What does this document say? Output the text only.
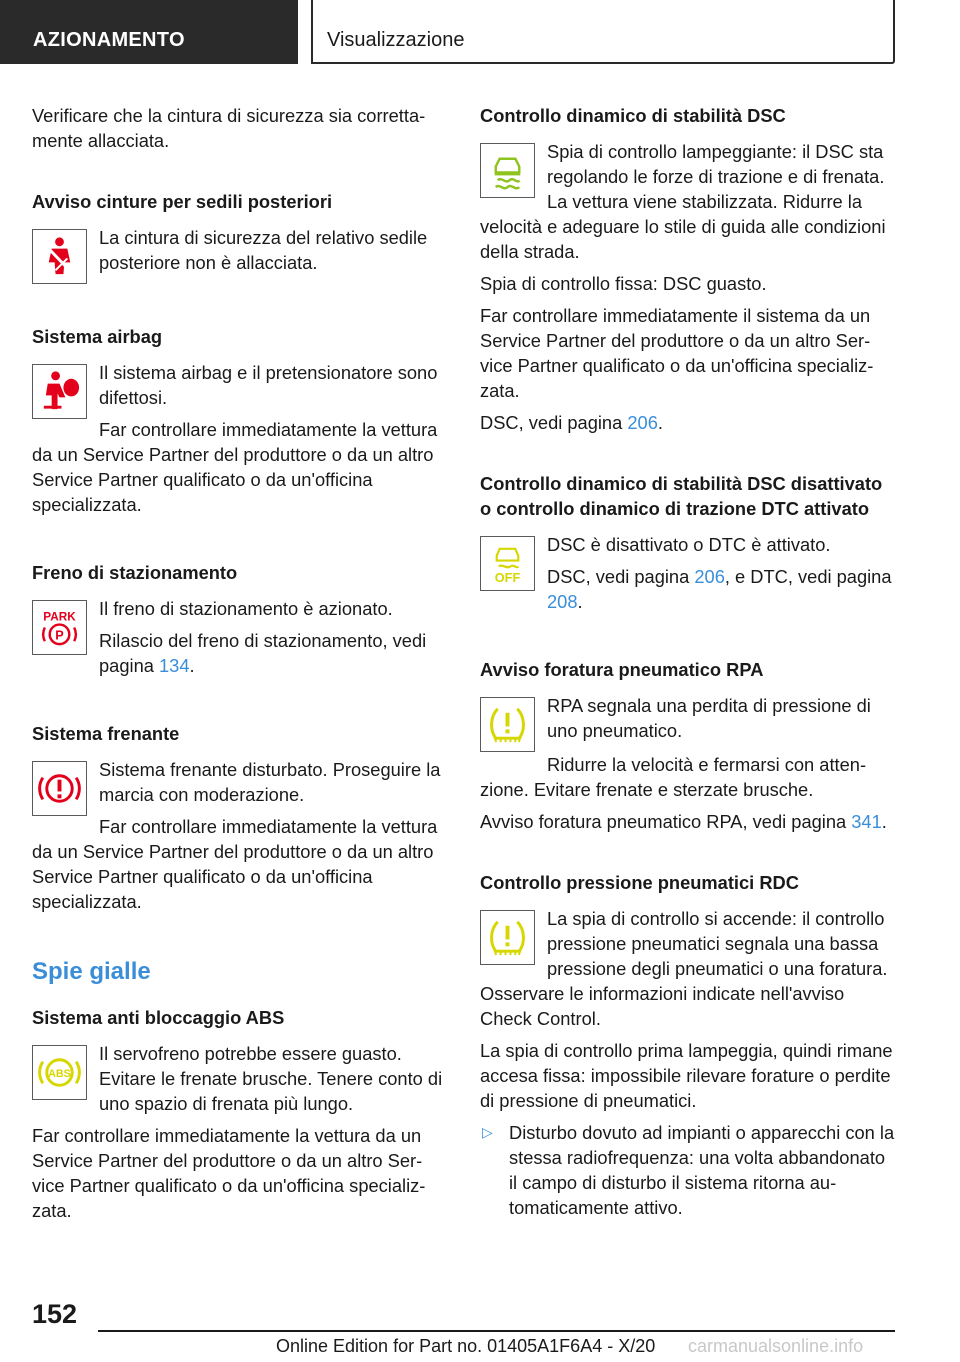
AZIONAMENTO	Visualizzazione
Verificare che la cintura di sicurezza sia correttamente allacciata.
Avviso cinture per sedili posteriori
La cintura di sicurezza del relativo sedile posteriore non è allacciata.
Sistema airbag
Il sistema airbag e il pretensionatore sono difettosi.
Far controllare immediatamente la vettura da un Service Partner del produttore o da un altro Service Partner qualificato o da un'officina specializzata.
Freno di stazionamento
PARK
P
Il freno di stazionamento è azionato.
Rilascio del freno di stazionamento, vedi pagina 134.
Sistema frenante
Sistema frenante disturbato. Proseguire la marcia con moderazione.
Far controllare immediatamente la vettura da un Service Partner del produttore o da un altro Service Partner qualificato o da un'officina specializzata.
Spie gialle
Sistema anti bloccaggio ABS
ABS
Il servofreno potrebbe essere guasto. Evitare le frenate brusche. Tenere conto di uno spazio di frenata più lungo.
Far controllare immediatamente la vettura da un Service Partner del produttore o da un altro Service Partner qualificato o da un'officina specializzata.
Controllo dinamico di stabilità DSC
Spia di controllo lampeggiante: il DSC sta regolando le forze di trazione e di frenata. La vettura viene stabilizzata. Ridurre la velocità e adeguare lo stile di guida alle condizioni della strada.
Spia di controllo fissa: DSC guasto.
Far controllare immediatamente il sistema da un Service Partner del produttore o da un altro Service Partner qualificato o da un'officina specializzata.
DSC, vedi pagina 206.
Controllo dinamico di stabilità DSC disattivato o controllo dinamico di trazione DTC attivato
OFF
DSC è disattivato o DTC è attivato.
DSC, vedi pagina 206, e DTC, vedi pagina 208.
Avviso foratura pneumatico RPA
RPA segnala una perdita di pressione di uno pneumatico.
Ridurre la velocità e fermarsi con attenzione. Evitare frenate e sterzate brusche.
Avviso foratura pneumatico RPA, vedi pagina 341.
Controllo pressione pneumatici RDC
La spia di controllo si accende: il controllo pressione pneumatici segnala una bassa pressione degli pneumatici o una foratura. Osservare le informazioni indicate nell'avviso Check Control.
La spia di controllo prima lampeggia, quindi rimane accesa fissa: impossibile rilevare forature o perdite di pressione di pneumatici.
▷ Disturbo dovuto ad impianti o apparecchi con la stessa radiofrequenza: una volta abbandonato il campo di disturbo il sistema ritorna automaticamente attivo.
152
Online Edition for Part no. 01405A1F6A4 - X/20 carmanualsonline.info
